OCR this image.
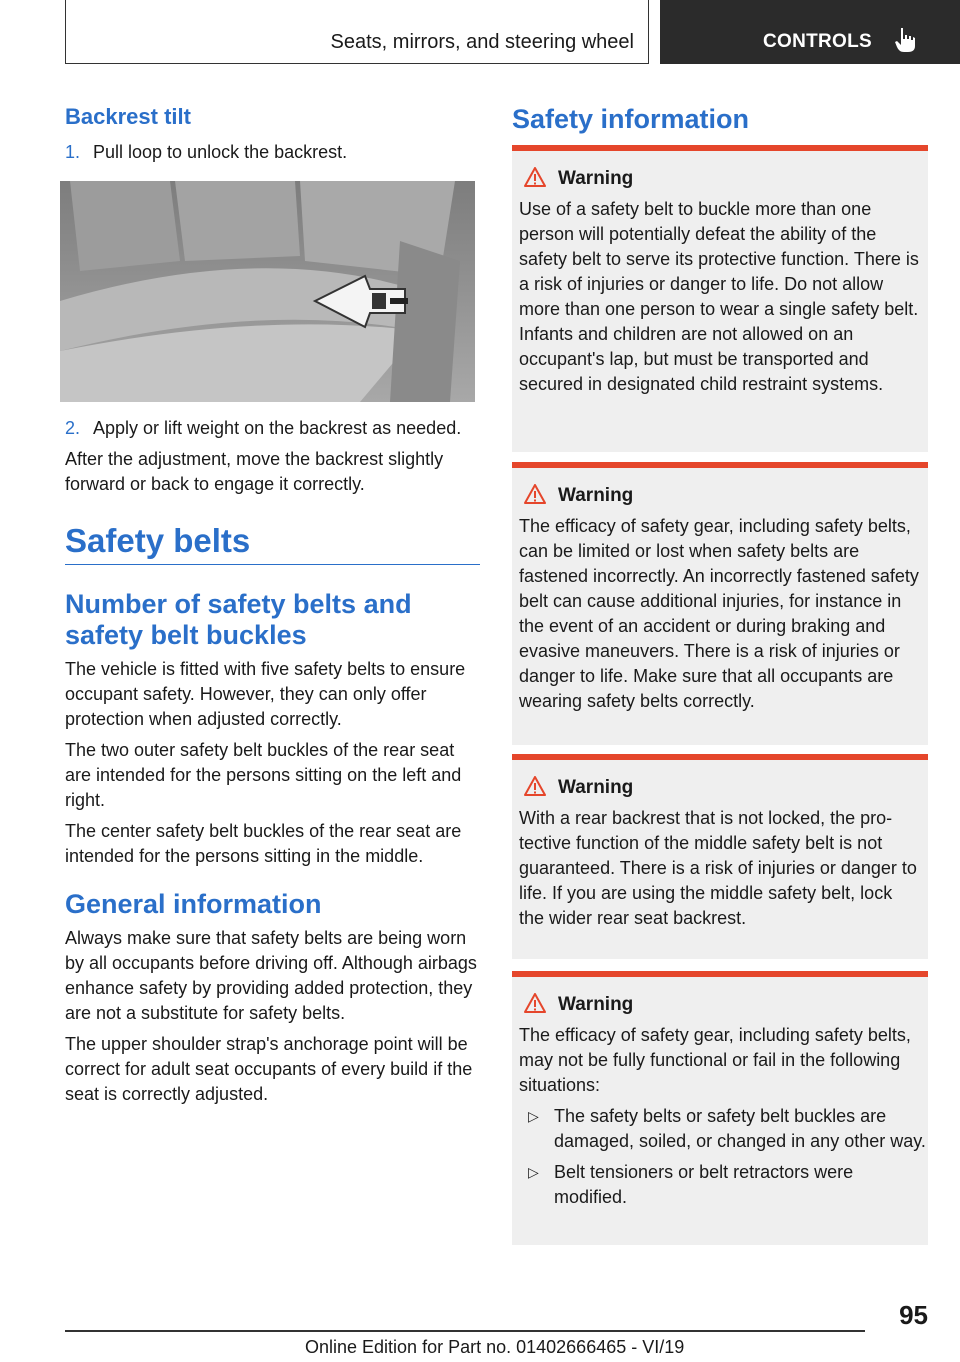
Seats, mirrors, and steering wheel	CONTROLS
Backrest tilt
1. Pull loop to unlock the backrest.
2. Apply or lift weight on the backrest as needed.

After the adjustment, move the backrest slightly forward or back to engage it correctly.

Safety belts
Number of safety belts and safety belt buckles

The vehicle is fitted with five safety belts to ensure occupant safety. However, they can only offer protection when adjusted correctly.

The two outer safety belt buckles of the rear seat are intended for the persons sitting on the left and right.

The center safety belt buckles of the rear seat are intended for the persons sitting in the middle.

General information

Always make sure that safety belts are being worn by all occupants before driving off. Although airbags enhance safety by providing added protection, they are not a substitute for safety belts.

The upper shoulder strap's anchorage point will be correct for adult seat occupants of every build if the seat is correctly adjusted.

Safety information
Warning
Use of a safety belt to buckle more than one person will potentially defeat the ability of the safety belt to serve its protective function. There is a risk of injuries or danger to life. Do not allow more than one person to wear a single safety belt. Infants and children are not allowed on an occupant's lap, but must be transported and secured in designated child restraint systems.
Warning
The efficacy of safety gear, including safety belts, can be limited or lost when safety belts are fastened incorrectly. An incorrectly fastened safety belt can cause additional injuries, for instance in the event of an accident or during braking and evasive maneuvers. There is a risk of injuries or danger to life. Make sure that all occupants are wearing safety belts correctly.
Warning
With a rear backrest that is not locked, the protective function of the middle safety belt is not guaranteed. There is a risk of injuries or danger to life. If you are using the middle safety belt, lock the wider rear seat backrest.
Warning
The efficacy of safety gear, including safety belts, may not be fully functional or fail in the following situations:
▷ The safety belts or safety belt buckles are damaged, soiled, or changed in any other way.
▷ Belt tensioners or belt retractors were modified.
95
Online Edition for Part no. 01402666465 - VI/19
